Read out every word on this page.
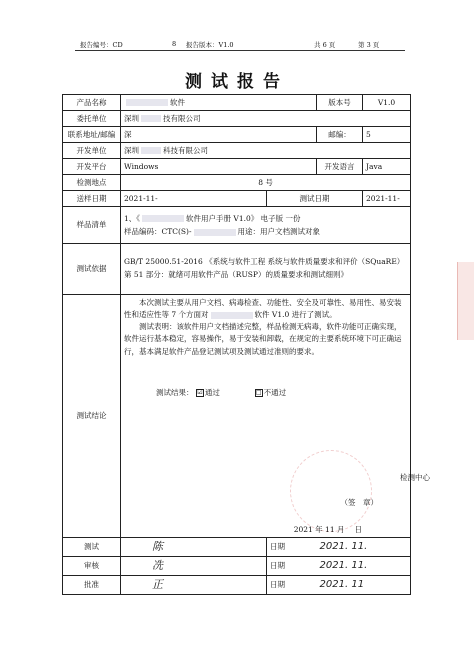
报告编号：CD	8 报告版本：V1.0	共 6 页	第 3 页
测试报告
产品名称	软件		版本号	V1.0
委托单位	深圳 技有限公司			
联系地址/邮编	深		邮编：	5
开发单位	深圳 科技有限公司			
开发平台	Windows		开发语言	Java
检测地点	8 号			
送样日期	2021-11-	测试日期		2021-11-
样品清单	1、《 软件用户手册 V1.0》 电子版 一份
样品编码：CTC(S)- 用途：用户文档测试对象			

测试依据	GB/T 25000.51-2016 《系统与软件工程 系统与软件质量要求和评价（SQuaRE）第 51 部分：就绪可用软件产品（RUSP）的质量要求和测试细则》			
测试结论	本次测试主要从用户文档、病毒检查、功能性、安全及可靠性、易用性、易安装性和适应性等 7 个方面对 软件 V1.0 进行了测试。

测试表明：该软件用户文档描述完整，样品检测无病毒，软件功能可正确实现，软件运行基本稳定，容易操作，易于安装和卸载，在规定的主要系统环境下可正确运行，基本满足软件产品登记测试项及测试通过准则的要求。

测试结果： ☑ 通过 □ 不通过			

测试	陈	日期	2021. 11.	
审核	冼	日期	2021. 11.	
批准	正	日期	2021. 11	
检测中心
（签　章）
2021 年 11 月 日
